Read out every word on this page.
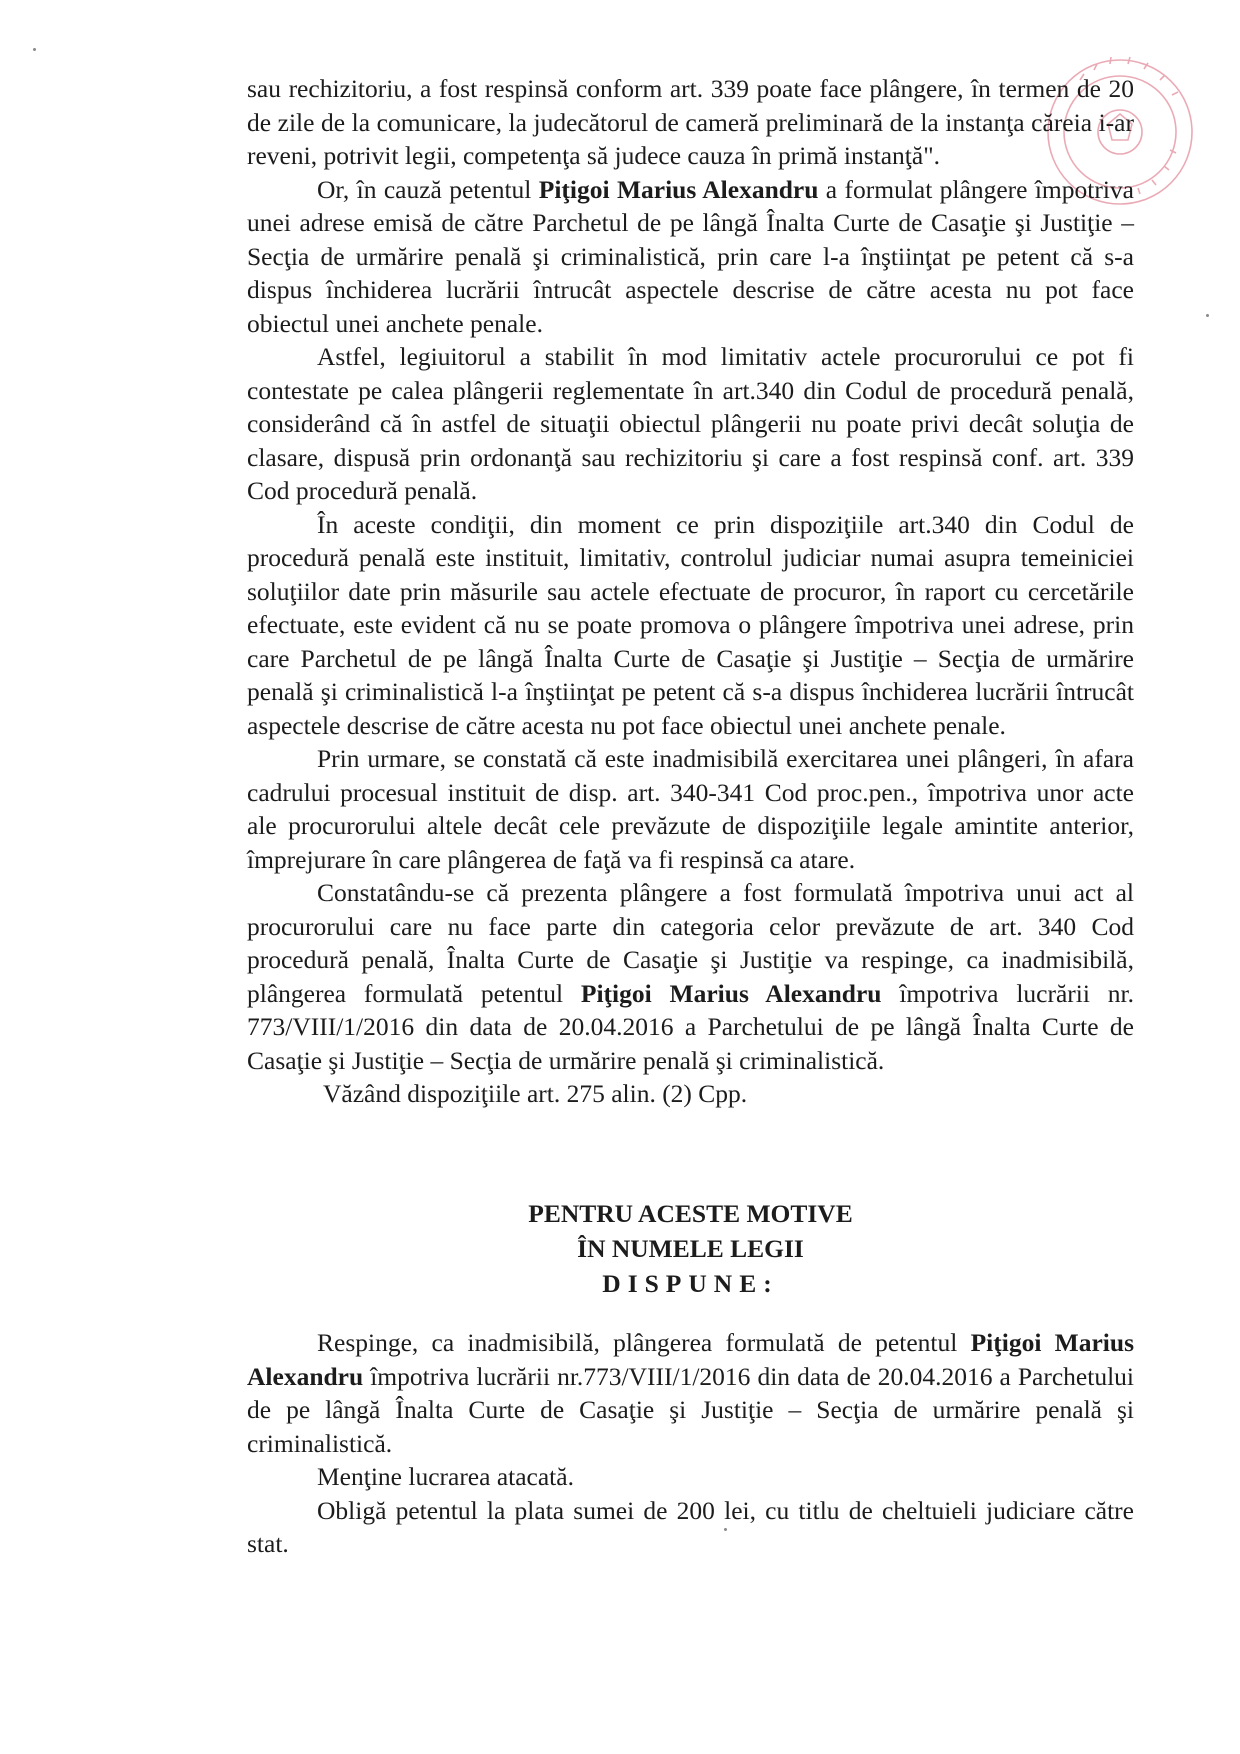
sau rechizitoriu, a fost respinsă conform art. 339 poate face plângere, în termen de 20 de zile de la comunicare, la judecătorul de cameră preliminară de la instanţa căreia i-ar reveni, potrivit legii, competenţa să judece cauza în primă instanţă".

Or, în cauză petentul Piţigoi Marius Alexandru a formulat plângere împotriva unei adrese emisă de către Parchetul de pe lângă Înalta Curte de Casaţie şi Justiţie – Secţia de urmărire penală şi criminalistică, prin care l-a înştiinţat pe petent că s-a dispus închiderea lucrării întrucât aspectele descrise de către acesta nu pot face obiectul unei anchete penale.

Astfel, legiuitorul a stabilit în mod limitativ actele procurorului ce pot fi contestate pe calea plângerii reglementate în art.340 din Codul de procedură penală, considerând că în astfel de situaţii obiectul plângerii nu poate privi decât soluţia de clasare, dispusă prin ordonanţă sau rechizitoriu şi care a fost respinsă conf. art. 339 Cod procedură penală.

În aceste condiţii, din moment ce prin dispoziţiile art.340 din Codul de procedură penală este instituit, limitativ, controlul judiciar numai asupra temeiniciei soluţiilor date prin măsurile sau actele efectuate de procuror, în raport cu cercetările efectuate, este evident că nu se poate promova o plângere împotriva unei adrese, prin care Parchetul de pe lângă Înalta Curte de Casaţie şi Justiţie – Secţia de urmărire penală şi criminalistică l-a înştiinţat pe petent că s-a dispus închiderea lucrării întrucât aspectele descrise de către acesta nu pot face obiectul unei anchete penale.

Prin urmare, se constată că este inadmisibilă exercitarea unei plângeri, în afara cadrului procesual instituit de disp. art. 340-341 Cod proc.pen., împotriva unor acte ale procurorului altele decât cele prevăzute de dispoziţiile legale amintite anterior, împrejurare în care plângerea de faţă va fi respinsă ca atare.

Constatându-se că prezenta plângere a fost formulată împotriva unui act al procurorului care nu face parte din categoria celor prevăzute de art. 340 Cod procedură penală, Înalta Curte de Casaţie şi Justiţie va respinge, ca inadmisibilă, plângerea formulată petentul Piţigoi Marius Alexandru împotriva lucrării nr. 773/VIII/1/2016 din data de 20.04.2016 a Parchetului de pe lângă Înalta Curte de Casaţie şi Justiţie – Secţia de urmărire penală şi criminalistică.

Văzând dispoziţiile art. 275 alin. (2) Cpp.

PENTRU ACESTE MOTIVE
ÎN NUMELE LEGII
DISPUNE:

Respinge, ca inadmisibilă, plângerea formulată de petentul Piţigoi Marius Alexandru împotriva lucrării nr.773/VIII/1/2016 din data de 20.04.2016 a Parchetului de pe lângă Înalta Curte de Casaţie şi Justiţie – Secţia de urmărire penală şi criminalistică.

Menţine lucrarea atacată.

Obligă petentul la plata sumei de 200 lei, cu titlu de cheltuieli judiciare către stat.
